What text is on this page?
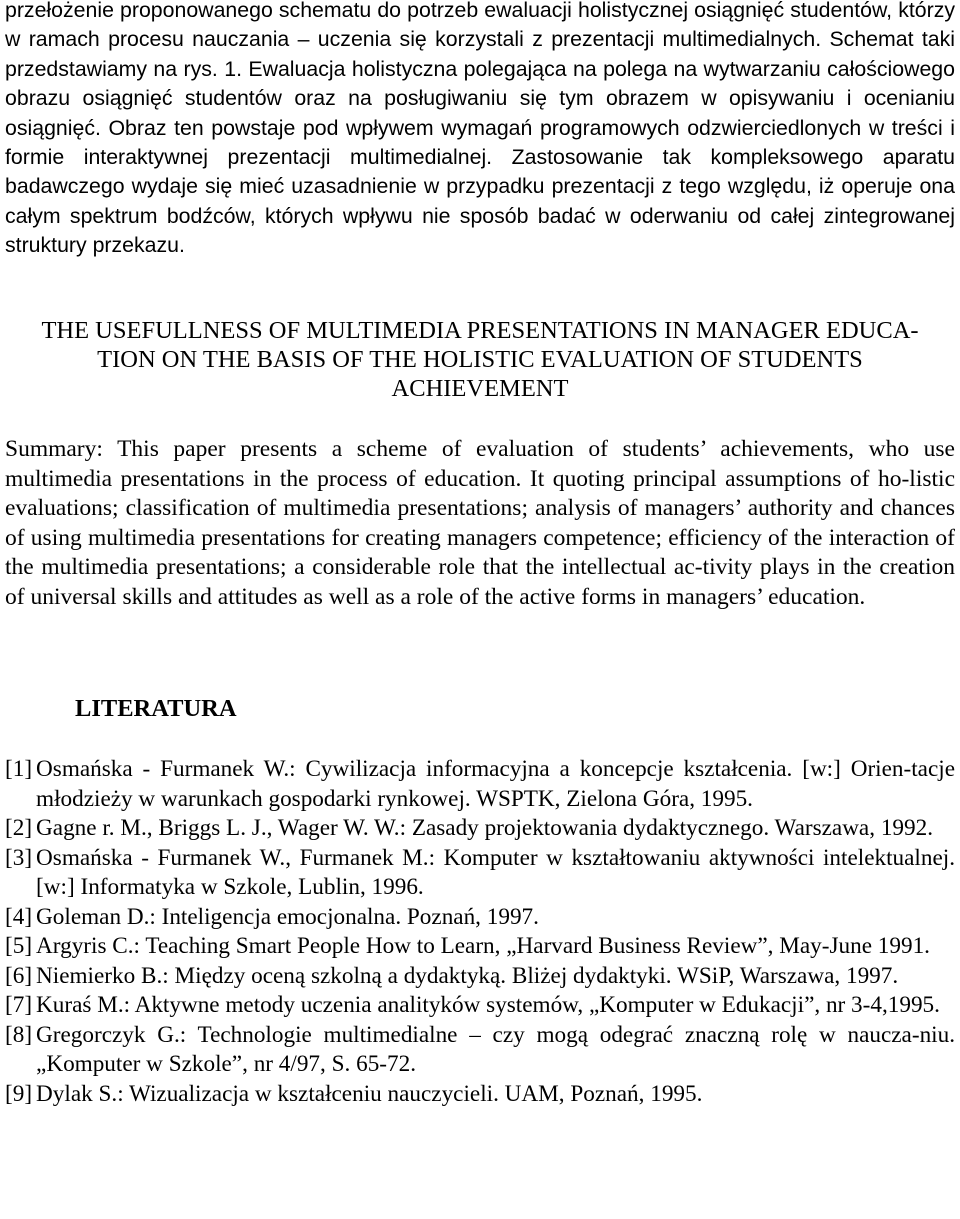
przełożenie proponowanego schematu do potrzeb ewaluacji holistycznej osiągnięć studentów, którzy w ramach procesu nauczania – uczenia się korzystali z prezentacji multimedialnych. Schemat taki przedstawiamy na rys. 1. Ewaluacja holistyczna polegająca na polega na wytwarzaniu całościowego obrazu osiągnięć studentów oraz na posługiwaniu się tym obrazem w opisywaniu i ocenianiu osiągnięć. Obraz ten powstaje pod wpływem wymagań programowych odzwierciedlonych w treści i formie interaktywnej prezentacji multimedialnej. Zastosowanie tak kompleksowego aparatu badawczego wydaje się mieć uzasadnienie w przypadku prezentacji z tego względu, iż operuje ona całym spektrum bodźców, których wpływu nie sposób badać w oderwaniu od całej zintegrowanej struktury przekazu.
THE USEFULLNESS OF MULTIMEDIA PRESENTATIONS IN MANAGER EDUCA-TION ON THE BASIS OF THE HOLISTIC EVALUATION OF STUDENTS ACHIEVEMENT
Summary: This paper presents a scheme of evaluation of students’ achievements, who use multimedia presentations in the process of education. It quoting principal assumptions of ho-listic evaluations; classification of multimedia presentations; analysis of managers’ authority and chances of using multimedia presentations for creating managers competence; efficiency of the interaction of the multimedia presentations; a considerable role that the intellectual ac-tivity plays in the creation of universal skills and attitudes as well as a role of the active forms in managers’ education.
LITERATURA
[1] Osmańska - Furmanek W.: Cywilizacja informacyjna a koncepcje kształcenia. [w:] Orien-tacje młodzieży w warunkach gospodarki rynkowej. WSPTK, Zielona Góra, 1995.
[2] Gagne r. M., Briggs L. J., Wager W. W.: Zasady projektowania dydaktycznego. Warszawa, 1992.
[3] Osmańska - Furmanek W., Furmanek M.: Komputer w kształtowaniu aktywności intelektualnej. [w:] Informatyka w Szkole, Lublin, 1996.
[4] Goleman D.: Inteligencja emocjonalna. Poznań, 1997.
[5] Argyris C.: Teaching Smart People How to Learn, „Harvard Business Review”, May-June 1991.
[6] Niemierko B.: Między oceną szkolną a dydaktyką. Bliżej dydaktyki. WSiP, Warszawa, 1997.
[7] Kuraś M.: Aktywne metody uczenia analityków systemów, „Komputer w Edukacji”, nr 3-4,1995.
[8] Gregorczyk G.: Technologie multimedialne – czy mogą odegrać znaczną rolę w naucza-niu. „Komputer w Szkole”, nr 4/97, S. 65-72.
[9] Dylak S.: Wizualizacja w kształceniu nauczycieli. UAM, Poznań, 1995.
